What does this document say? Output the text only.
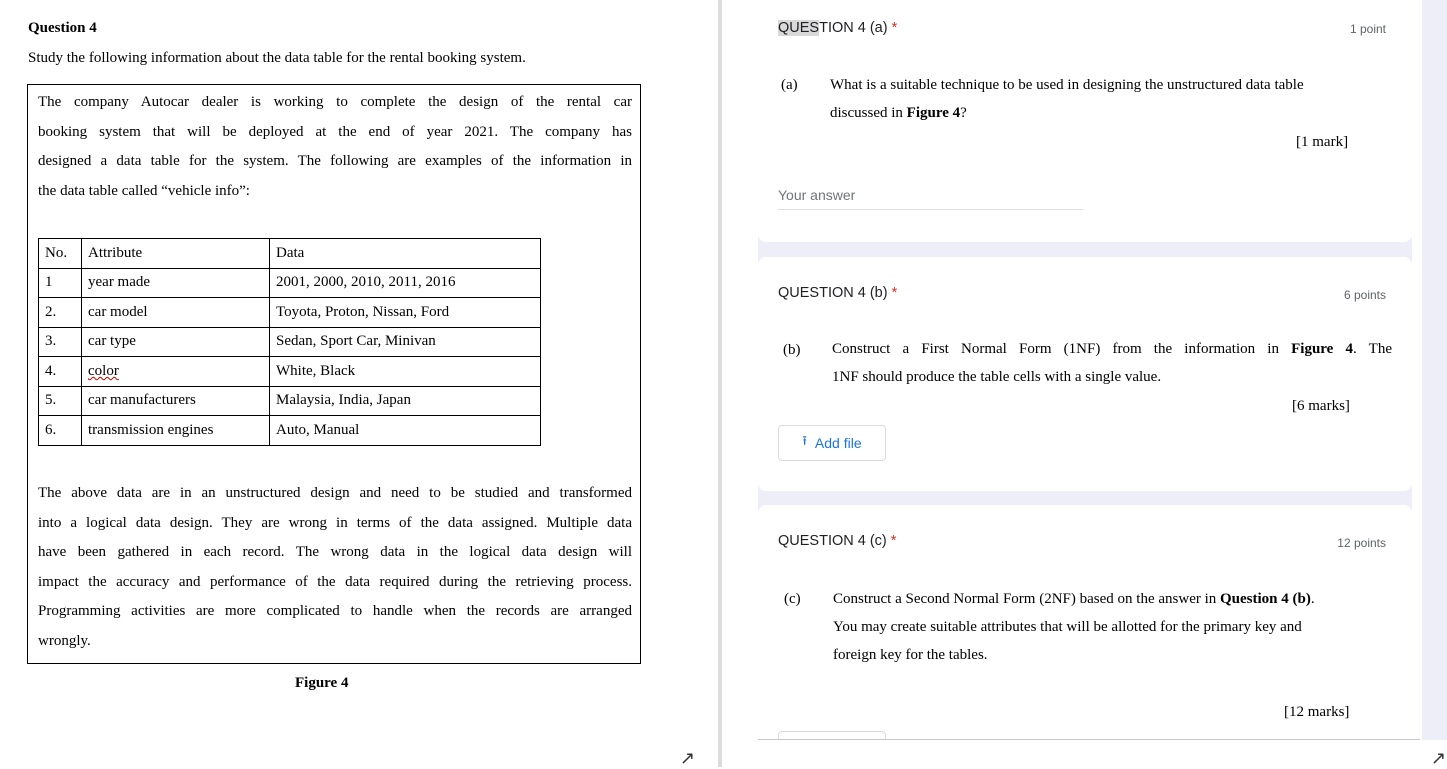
Question 4
Study the following information about the data table for the rental booking system.
The company Autocar dealer is working to complete the design of the rental car
booking system that will be deployed at the end of year 2021. The company has
designed a data table for the system. The following are examples of the information in
the data table called “vehicle info”:
No.	Attribute	Data
1	year made	2001, 2000, 2010, 2011, 2016
2.	car model	Toyota, Proton, Nissan, Ford
3.	car type	Sedan, Sport Car, Minivan
4.	color	White, Black
5.	car manufacturers	Malaysia, India, Japan
6.	transmission engines	Auto, Manual
The above data are in an unstructured design and need to be studied and transformed
into a logical data design. They are wrong in terms of the data assigned. Multiple data
have been gathered in each record. The wrong data in the logical data design will
impact the accuracy and performance of the data required during the retrieving process.
Programming activities are more complicated to handle when the records are arranged
wrongly.
Figure 4
↗
QUESTION 4 (a) *	1 point
(a) What is a suitable technique to be used in designing the unstructured data table
discussed in Figure 4?
[1 mark]
Your answer
QUESTION 4 (b) *	6 points
(b) Construct a First Normal Form (1NF) from the information in Figure 4. The
1NF should produce the table cells with a single value.
[6 marks]
⭱ Add file
QUESTION 4 (c) *	12 points
(c) Construct a Second Normal Form (2NF) based on the answer in Question 4 (b).
You may create suitable attributes that will be allotted for the primary key and
foreign key for the tables.
[12 marks]
↗
